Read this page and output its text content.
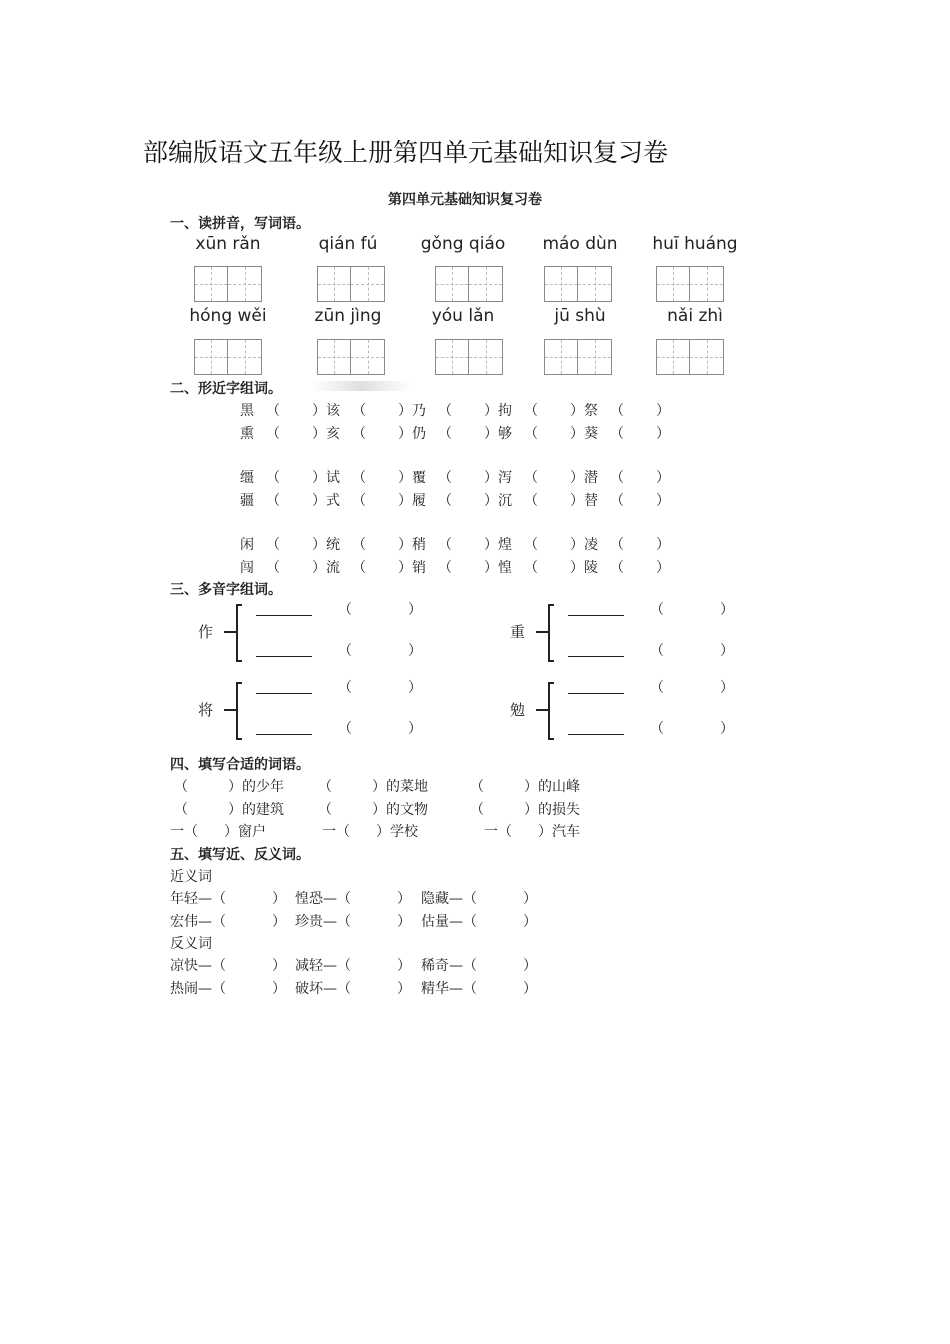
部编版语文五年级上册第四单元基础知识复习卷
第四单元基础知识复习卷
一、读拼音，写词语。
xūn rǎn	qián fú	gǒng qiáo	máo dùn	huī huáng
hóng wěi	zūn jìng	yóu lǎn	jū shù	nǎi zhì
二、形近字组词。
黑 （ ）该 （ ）乃 （ ）拘 （ ）祭 （ ）
熏 （ ）亥 （ ）仍 （ ）够 （ ）葵 （ ）
缰 （ ）试 （ ）覆 （ ）泻 （ ）潜 （ ）
疆 （ ）式 （ ）履 （ ）沉 （ ）替 （ ）
闲 （ ）统 （ ）稍 （ ）煌 （ ）凌 （ ）
闯 （ ）流 （ ）销 （ ）惶 （ ）陵 （ ）
三、多音字组词。
作
（	）
（	）
重
（	）
（	）
将
（	）
（	）
勉
（	）
（	）
四、填写合适的词语。
（	）的少年 （	）的菜地	（	）的山峰
（	）的建筑 （	）的文物	（	）的损失
一（ ）窗户	一（ ）学校	一（ ）汽车
五、填写近、反义词。
近义词
反义词
年轻—（	） 惶恐—（	） 隐藏—（	）
宏伟—（	） 珍贵—（	） 估量—（	）
凉快—（	） 减轻—（	） 稀奇—（	）
热闹—（	） 破坏—（	） 精华—（	）
